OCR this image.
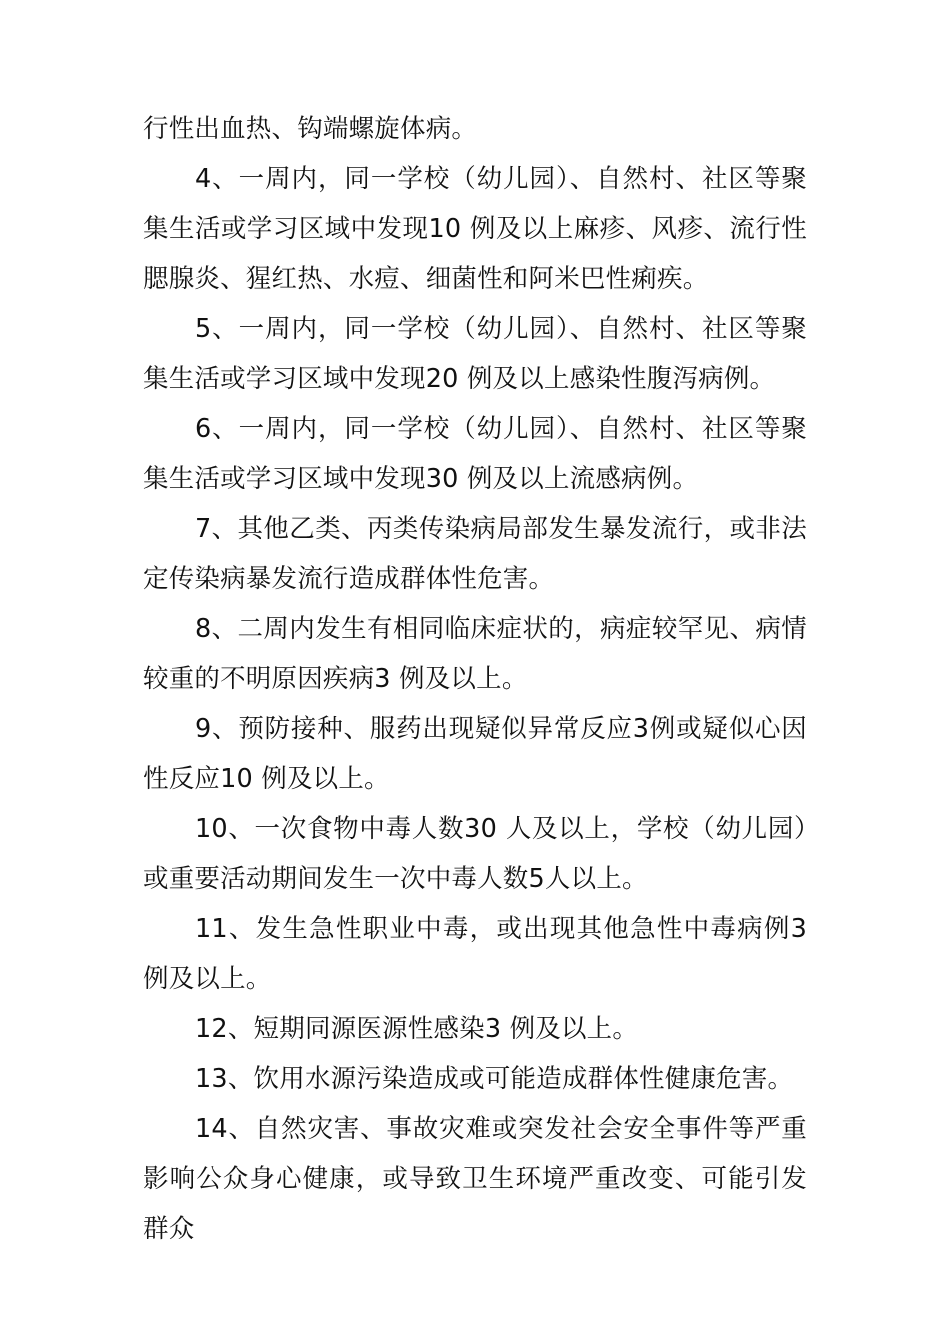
行性出血热、钩端螺旋体病。

4、一周内，同一学校（幼儿园）、自然村、社区等聚集生活或学习区域中发现10 例及以上麻疹、风疹、流行性腮腺炎、猩红热、水痘、细菌性和阿米巴性痢疾。

5、一周内，同一学校（幼儿园）、自然村、社区等聚集生活或学习区域中发现20 例及以上感染性腹泻病例。

6、一周内，同一学校（幼儿园）、自然村、社区等聚集生活或学习区域中发现30 例及以上流感病例。

7、其他乙类、丙类传染病局部发生暴发流行，或非法定传染病暴发流行造成群体性危害。

8、二周内发生有相同临床症状的，病症较罕见、病情较重的不明原因疾病3 例及以上。

9、预防接种、服药出现疑似异常反应3例或疑似心因性反应10 例及以上。

10、一次食物中毒人数30 人及以上，学校（幼儿园）或重要活动期间发生一次中毒人数5人以上。

11、发生急性职业中毒，或出现其他急性中毒病例3 例及以上。

12、短期同源医源性感染3 例及以上。

13、饮用水源污染造成或可能造成群体性健康危害。

14、自然灾害、事故灾难或突发社会安全事件等严重影响公众身心健康，或导致卫生环境严重改变、可能引发群众
